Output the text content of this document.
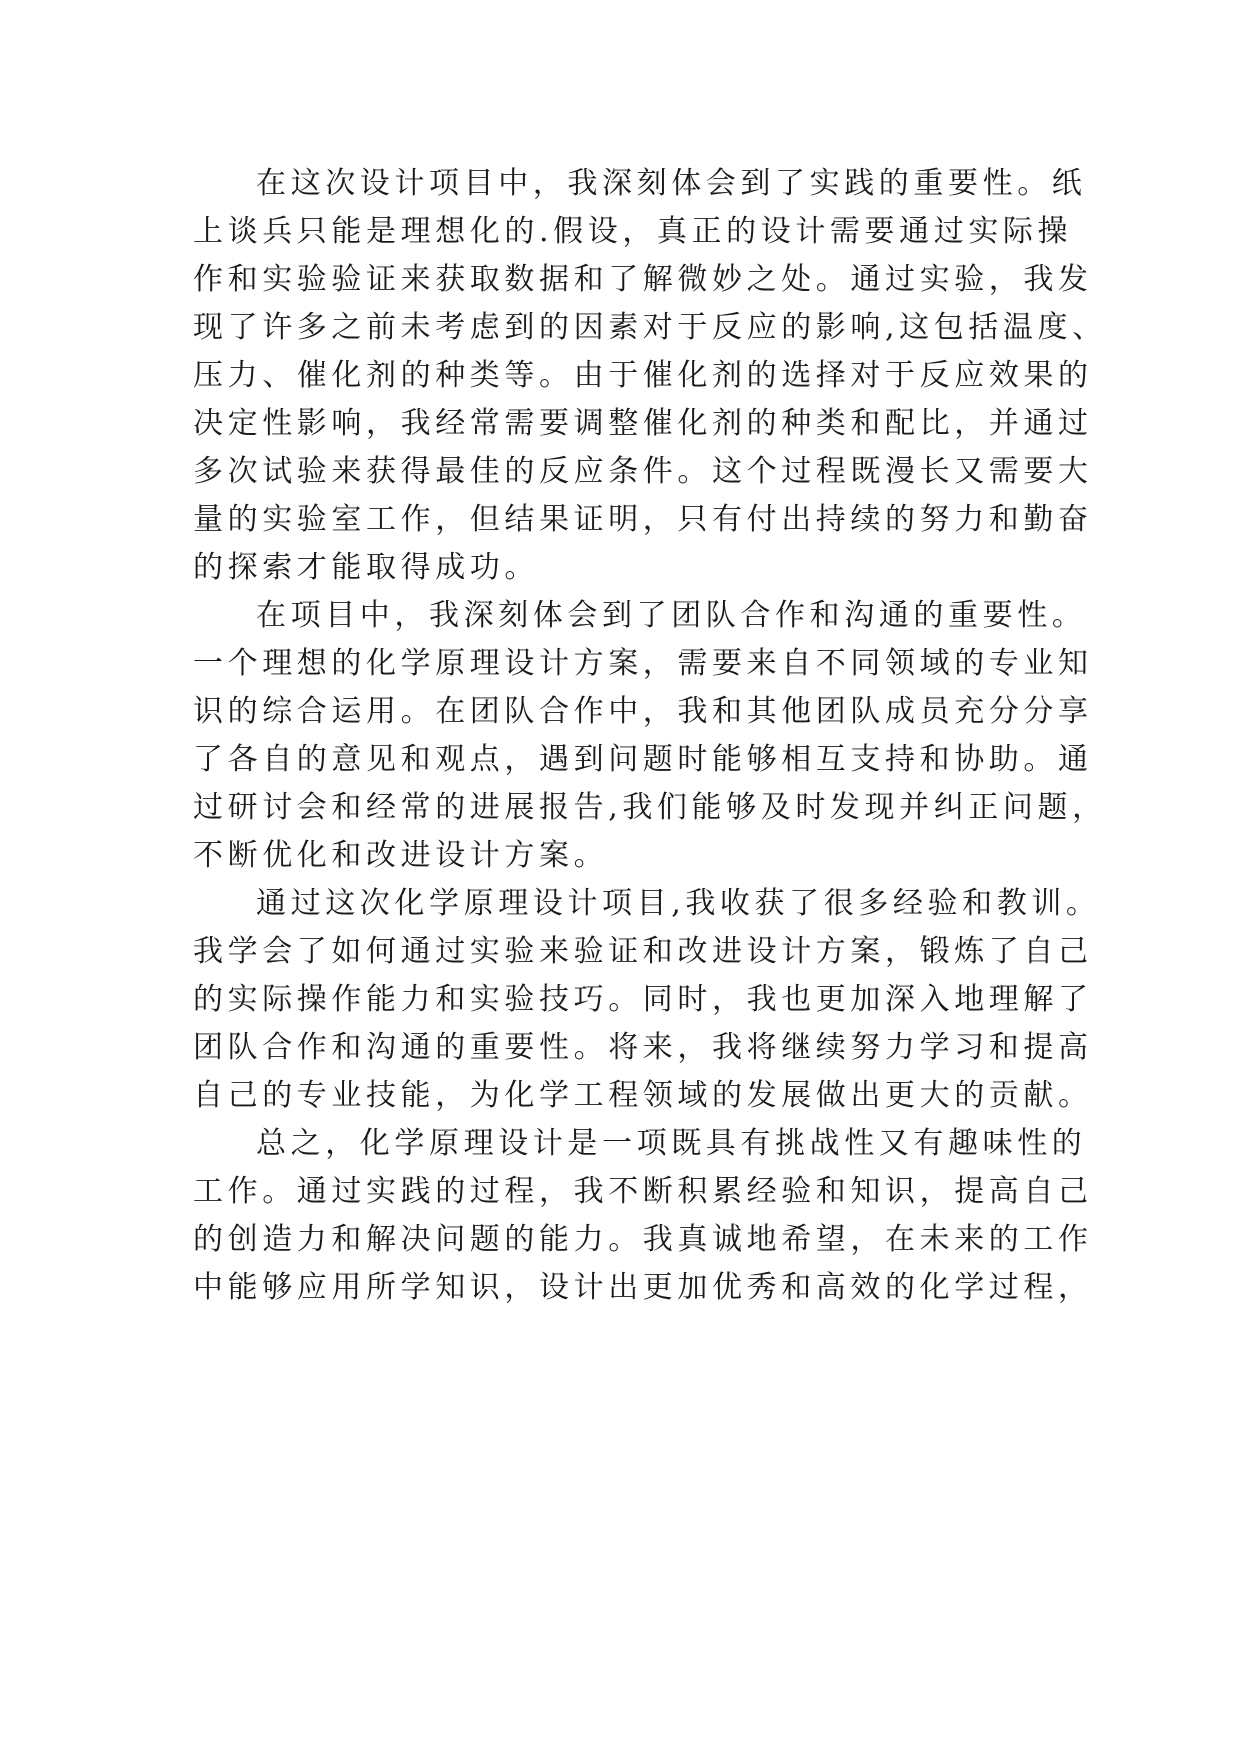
在这次设计项目中，我深刻体会到了实践的重要性。纸
上谈兵只能是理想化的.假设，真正的设计需要通过实际操
作和实验验证来获取数据和了解微妙之处。通过实验，我发
现了许多之前未考虑到的因素对于反应的影响,这包括温度、
压力、催化剂的种类等。由于催化剂的选择对于反应效果的
决定性影响，我经常需要调整催化剂的种类和配比，并通过
多次试验来获得最佳的反应条件。这个过程既漫长又需要大
量的实验室工作，但结果证明，只有付出持续的努力和勤奋
的探索才能取得成功。
在项目中，我深刻体会到了团队合作和沟通的重要性。
一个理想的化学原理设计方案，需要来自不同领域的专业知
识的综合运用。在团队合作中，我和其他团队成员充分分享
了各自的意见和观点，遇到问题时能够相互支持和协助。通
过研讨会和经常的进展报告,我们能够及时发现并纠正问题，
不断优化和改进设计方案。
通过这次化学原理设计项目,我收获了很多经验和教训。
我学会了如何通过实验来验证和改进设计方案，锻炼了自己
的实际操作能力和实验技巧。同时，我也更加深入地理解了
团队合作和沟通的重要性。将来，我将继续努力学习和提高
自己的专业技能，为化学工程领域的发展做出更大的贡献。
总之，化学原理设计是一项既具有挑战性又有趣味性的
工作。通过实践的过程，我不断积累经验和知识，提高自己
的创造力和解决问题的能力。我真诚地希望，在未来的工作
中能够应用所学知识，设计出更加优秀和高效的化学过程，
